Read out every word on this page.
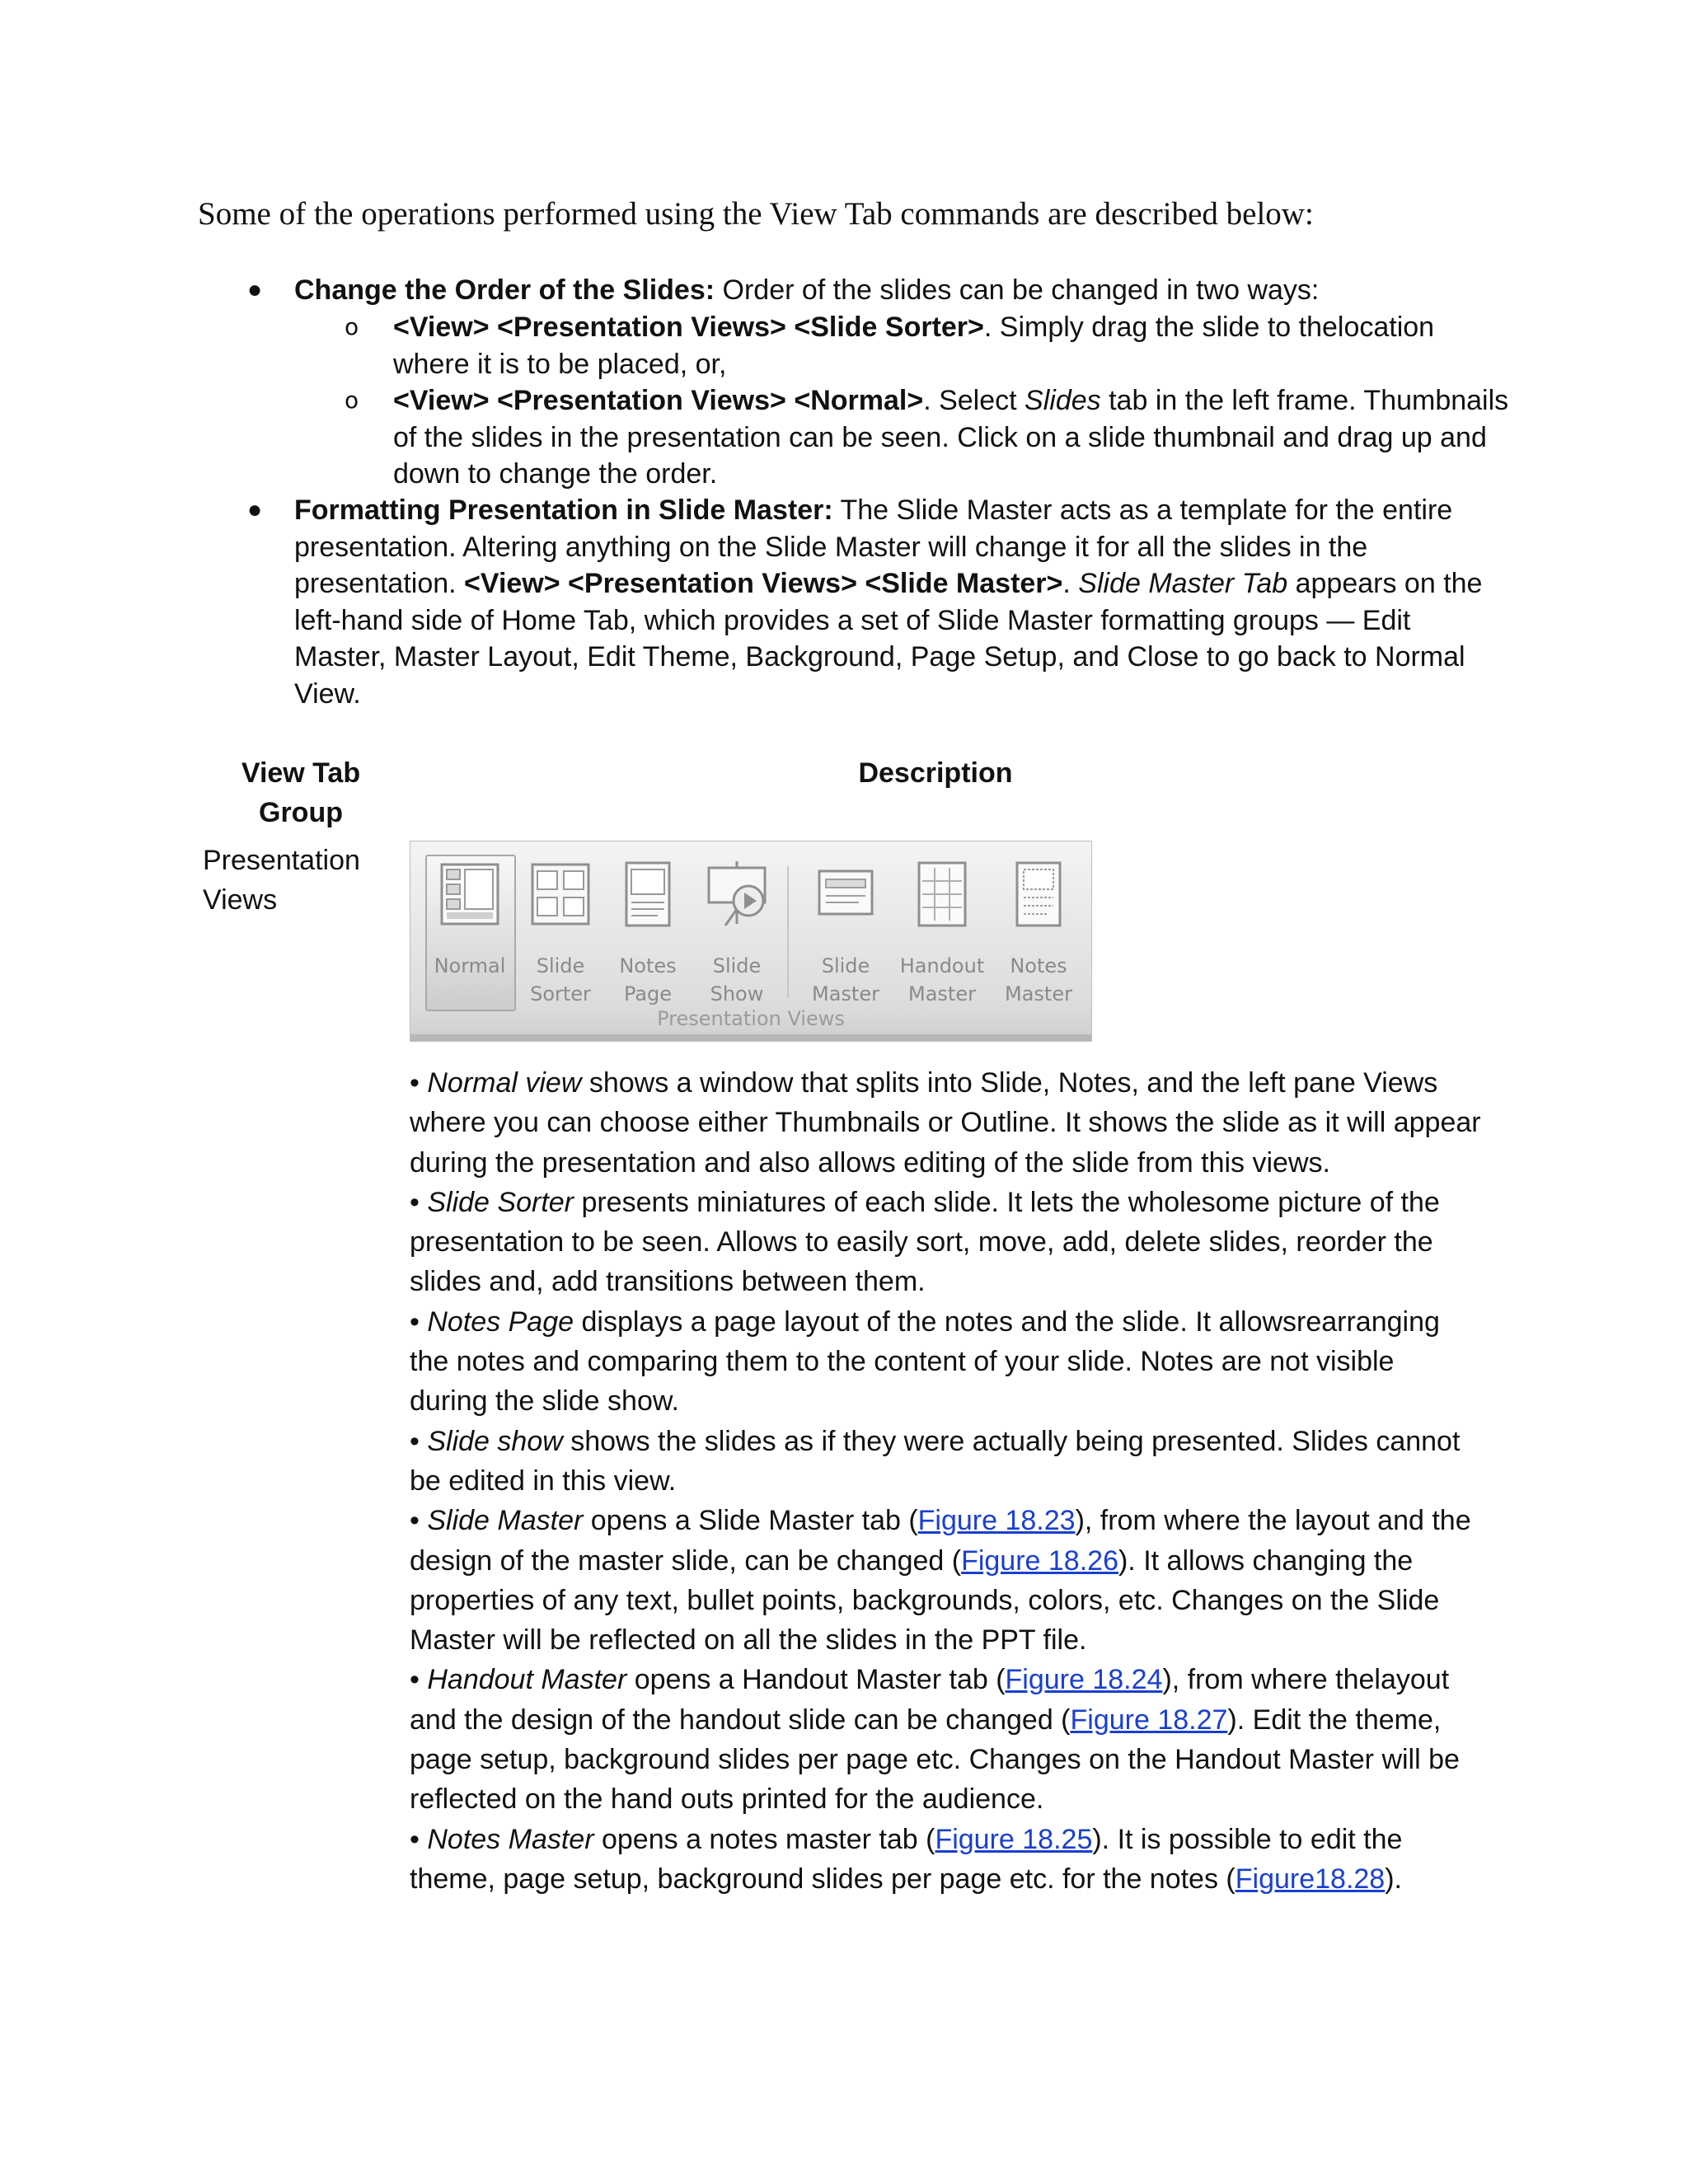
Some of the operations performed using the View Tab commands are described below:
● Change the Order of the Slides: Order of the slides can be changed in two ways:
o <View> <Presentation Views> <Slide Sorter>. Simply drag the slide to thelocation
where it is to be placed, or,
o <View> <Presentation Views> <Normal>. Select Slides tab in the left frame. Thumbnails
of the slides in the presentation can be seen. Click on a slide thumbnail and drag up and
down to change the order.
● Formatting Presentation in Slide Master: The Slide Master acts as a template for the entire
presentation. Altering anything on the Slide Master will change it for all the slides in the
presentation. <View> <Presentation Views> <Slide Master>. Slide Master Tab appears on the
left-hand side of Home Tab, which provides a set of Slide Master formatting groups — Edit
Master, Master Layout, Edit Theme, Background, Page Setup, and Close to go back to Normal
View.
View Tab
Group
Description
Presentation
Views
Normal	Slide
Sorter
Notes
Page
Slide
Show
Slide
Master
Handout
Master
Notes
Master
Presentation Views
• Normal view shows a window that splits into Slide, Notes, and the left pane Views
where you can choose either Thumbnails or Outline. It shows the slide as it will appear
during the presentation and also allows editing of the slide from this views.
• Slide Sorter presents miniatures of each slide. It lets the wholesome picture of the
presentation to be seen. Allows to easily sort, move, add, delete slides, reorder the
slides and, add transitions between them.
• Notes Page displays a page layout of the notes and the slide. It allowsrearranging
the notes and comparing them to the content of your slide. Notes are not visible
during the slide show.
• Slide show shows the slides as if they were actually being presented. Slides cannot
be edited in this view.
• Slide Master opens a Slide Master tab (Figure 18.23), from where the layout and the
design of the master slide, can be changed (Figure 18.26). It allows changing the
properties of any text, bullet points, backgrounds, colors, etc. Changes on the Slide
Master will be reflected on all the slides in the PPT file.
• Handout Master opens a Handout Master tab (Figure 18.24), from where thelayout
and the design of the handout slide can be changed (Figure 18.27). Edit the theme,
page setup, background slides per page etc. Changes on the Handout Master will be
reflected on the hand outs printed for the audience.
• Notes Master opens a notes master tab (Figure 18.25). It is possible to edit the
theme, page setup, background slides per page etc. for the notes (Figure18.28).
